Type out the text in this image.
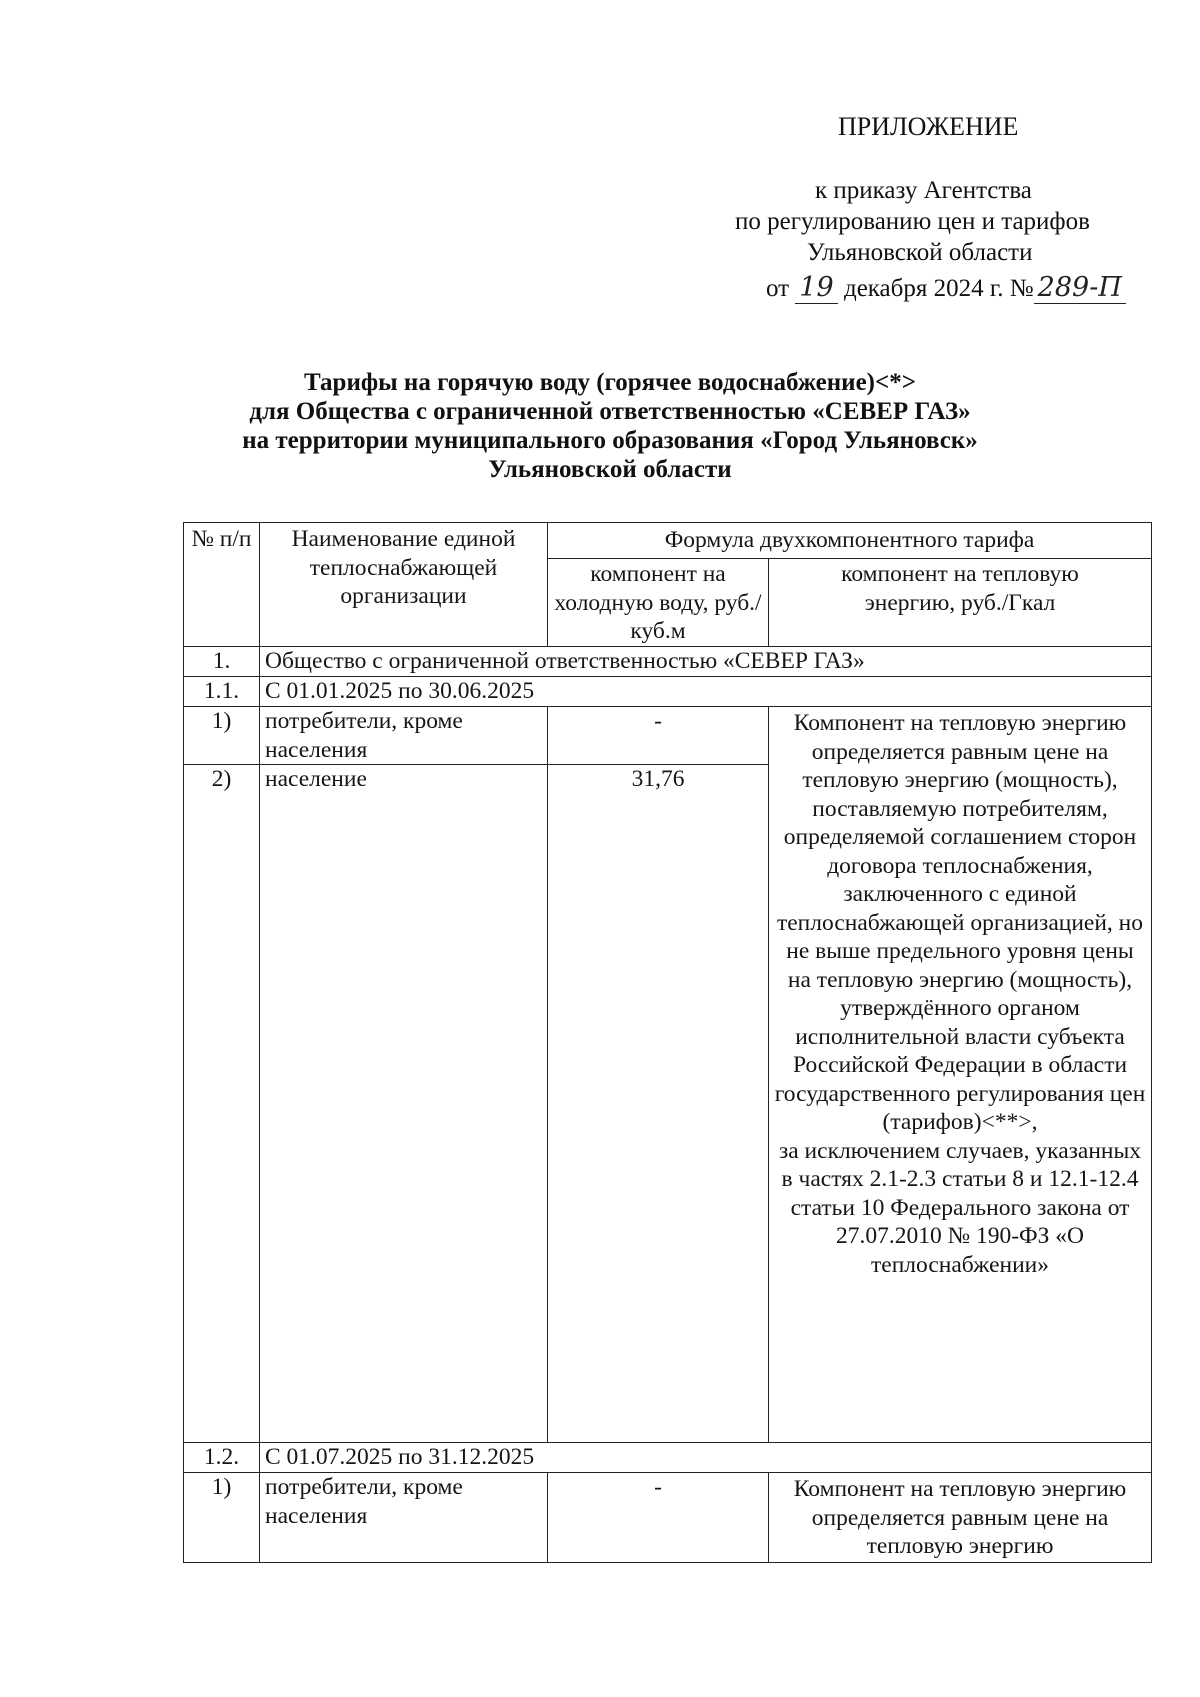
ПРИЛОЖЕНИЕ
к приказу Агентства
по регулированию цен и тарифов
Ульяновской области
от 19 декабря 2024 г. № 289-П
Тарифы на горячую воду (горячее водоснабжение)<*>
для Общества с ограниченной ответственностью «СЕВЕР ГАЗ»
на территории муниципального образования «Город Ульяновск»
Ульяновской области
№ п/п	Наименование единой теплоснабжающей организации	Формула двухкомпонентного тарифа	
		компонент на холодную воду, руб./куб.м	компонент на тепловую энергию, руб./Гкал
1.	Общество с ограниченной ответственностью «СЕВЕР ГАЗ»		
1.1.	С 01.01.2025 по 30.06.2025		
1)	потребители, кроме населения	-	Компонент на тепловую энергию определяется равным цене на тепловую энергию (мощность), поставляемую потребителям, определяемой соглашением сторон договора теплоснабжения, заключенного с единой теплоснабжающей организацией, но не выше предельного уровня цены на тепловую энергию (мощность), утверждённого органом исполнительной власти субъекта Российской Федерации в области государственного регулирования цен (тарифов)<**>,
за исключением случаев, указанных в частях 2.1-2.3 статьи 8 и 12.1-12.4 статьи 10 Федерального закона от 27.07.2010 № 190-ФЗ «О теплоснабжении»

2)	население	31,76	
1.2.	С 01.07.2025 по 31.12.2025		
1)	потребители, кроме населения	-	Компонент на тепловую энергию определяется равным цене на тепловую энергию
